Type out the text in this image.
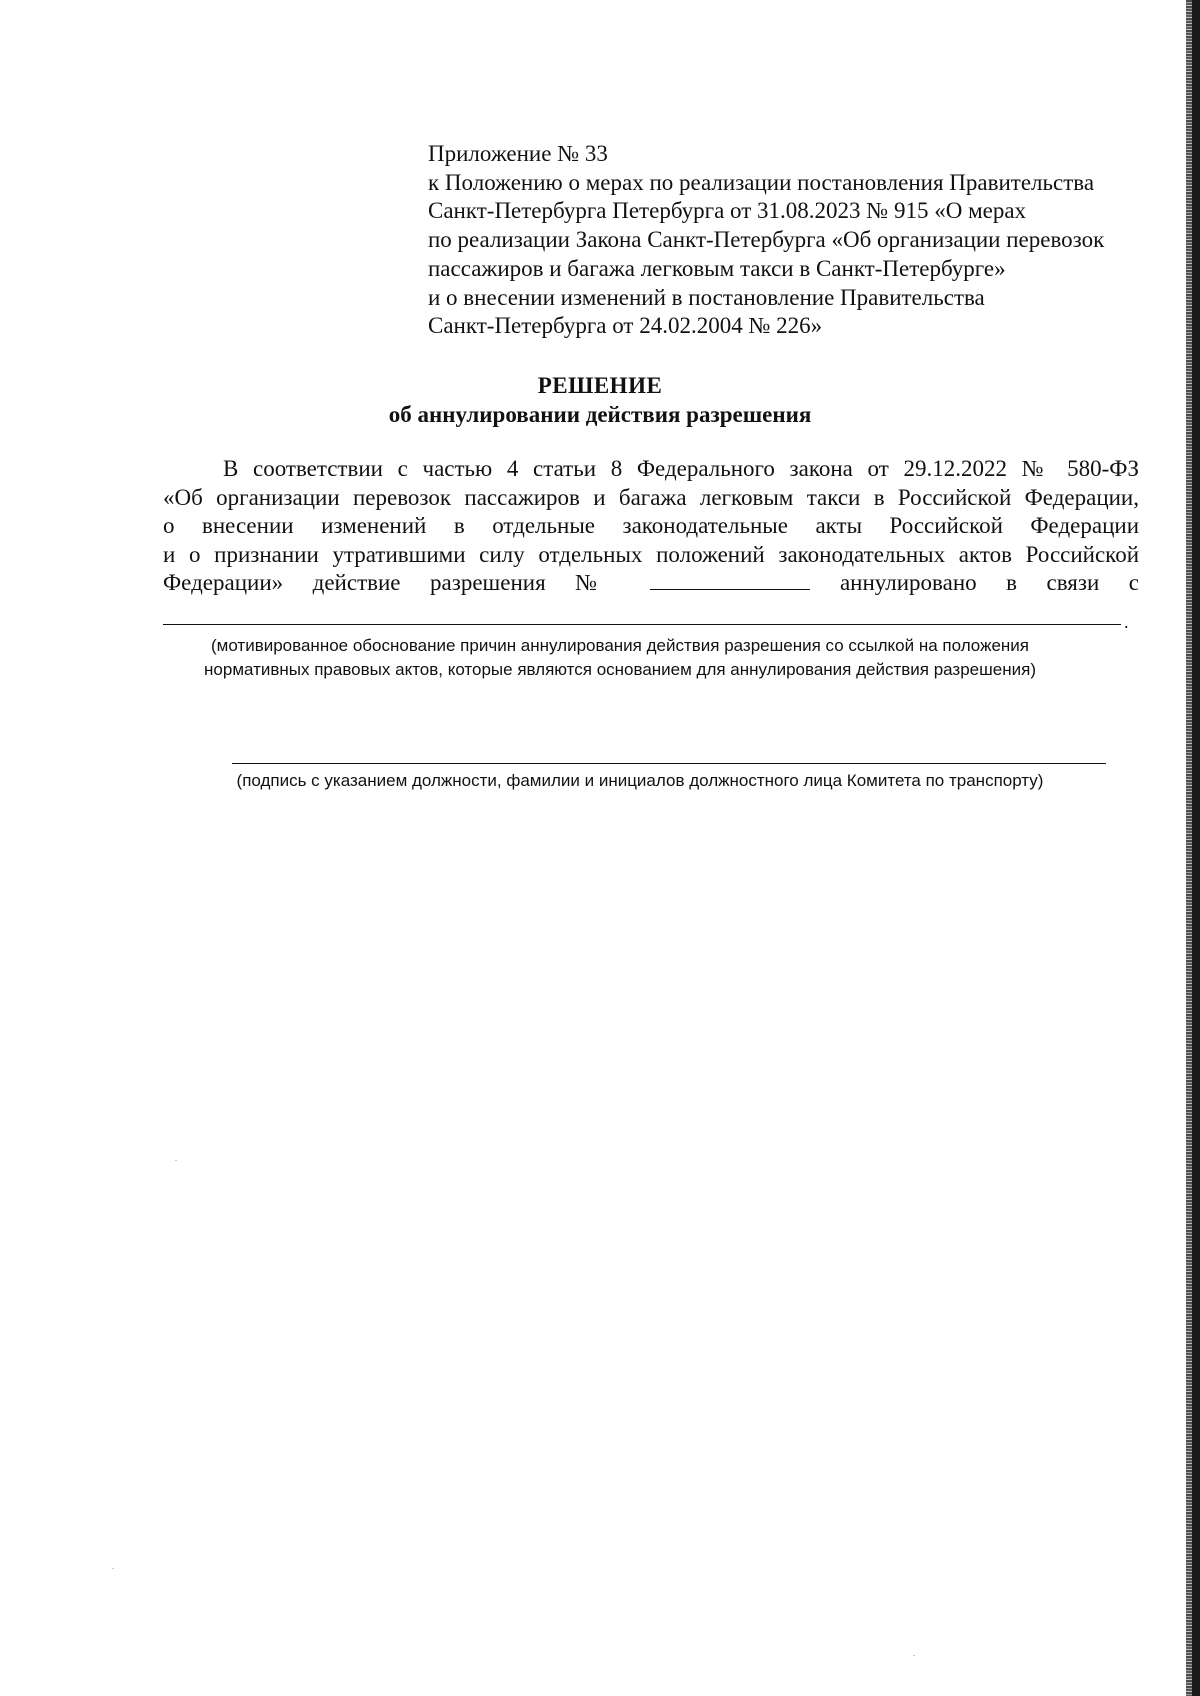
Приложение № 33
к Положению о мерах по реализации постановления Правительства
Санкт-Петербурга Петербурга от 31.08.2023 № 915 «О мерах
по реализации Закона Санкт-Петербурга «Об организации перевозок
пассажиров и багажа легковым такси в Санкт-Петербурге»
и о внесении изменений в постановление Правительства
Санкт-Петербурга от 24.02.2004 № 226»
РЕШЕНИЕ
об аннулировании действия разрешения
В соответствии с частью 4 статьи 8 Федерального закона от 29.12.2022 № 580-ФЗ
«Об организации перевозок пассажиров и багажа легковым такси в Российской Федерации,
о внесении изменений в отдельные законодательные акты Российской Федерации
и о признании утратившими силу отдельных положений законодательных актов Российской
Федерации» действие разрешения №	аннулировано в связи с
.
(мотивированное обоснование причин аннулирования действия разрешения со ссылкой на положения
нормативных правовых актов, которые являются основанием для аннулирования действия разрешения)
(подпись с указанием должности, фамилии и инициалов должностного лица Комитета по транспорту)
